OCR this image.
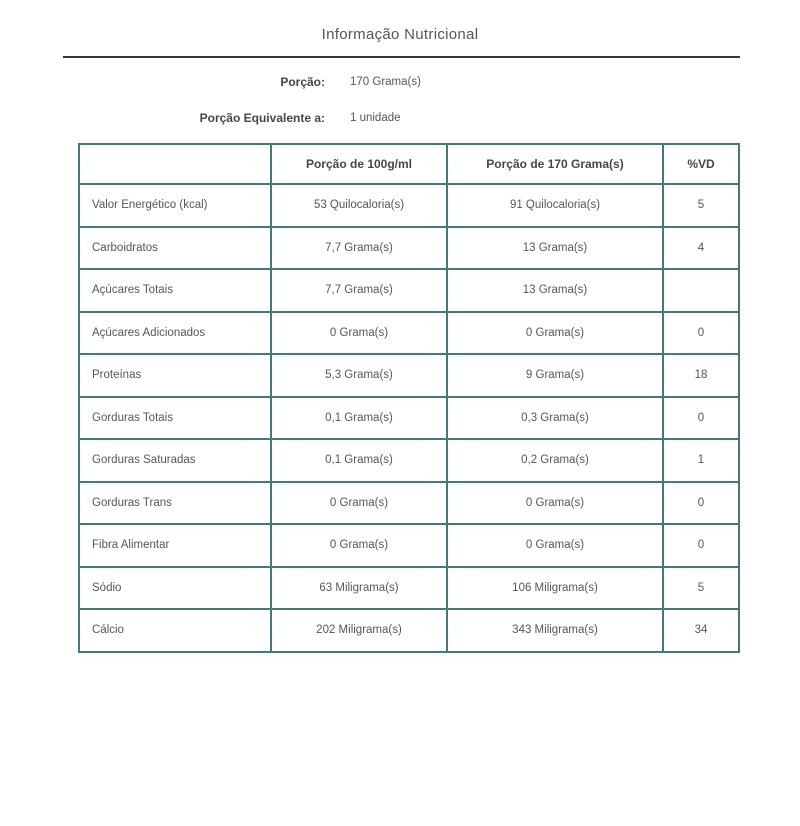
Informação Nutricional
Porção: 170 Grama(s)
Porção Equivalente a: 1 unidade
	Porção de 100g/ml	Porção de 170 Grama(s)	%VD
Valor Energético (kcal)	53 Quilocaloria(s)	91 Quilocaloria(s)	5
Carboidratos	7,7 Grama(s)	13 Grama(s)	4
Açúcares Totais	7,7 Grama(s)	13 Grama(s)	
Açúcares Adicionados	0 Grama(s)	0 Grama(s)	0
Proteínas	5,3 Grama(s)	9 Grama(s)	18
Gorduras Totais	0,1 Grama(s)	0,3 Grama(s)	0
Gorduras Saturadas	0,1 Grama(s)	0,2 Grama(s)	1
Gorduras Trans	0 Grama(s)	0 Grama(s)	0
Fibra Alimentar	0 Grama(s)	0 Grama(s)	0
Sódio	63 Miligrama(s)	106 Miligrama(s)	5
Cálcio	202 Miligrama(s)	343 Miligrama(s)	34
